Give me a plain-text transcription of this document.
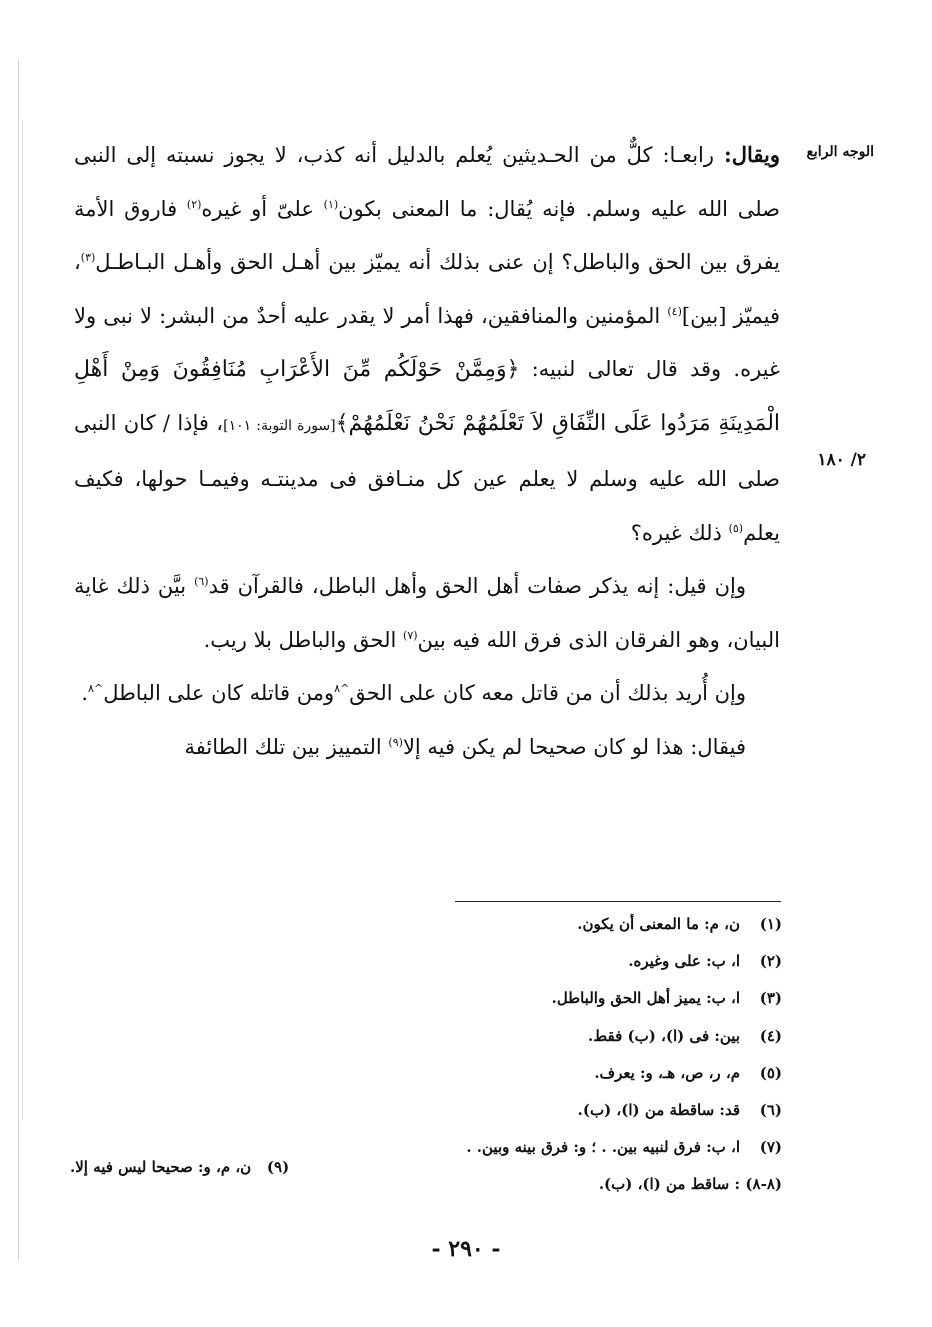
الوجه الرابع
٢/ ١٨٠

ويقال: رابعـا: كلٌّ من الحـديثين يُعلم بالدليل أنه كذب، لا يجوز نسبته إلى النبى صلى الله عليه وسلم. فإنه يُقال: ما المعنى بكون$^{(١)}$ علىّ أو غيره$^{(٢)}$ فاروق الأمة يفرق بين الحق والباطل؟ إن عنى بذلك أنه يميّز بين أهـل الحق وأهـل البـاطـل$^{(٣)}$، فيميّز [بين]$^{(٤)}$ المؤمنين والمنافقين، فهذا أمر لا يقدر عليه أحدٌ من البشر: لا نبى ولا غيره. وقد قال تعالى لنبيه: ﴿وَمِمَّنْ حَوْلَكُم مِّنَ الأَعْرَابِ مُنَافِقُونَ وَمِنْ أَهْلِ الْمَدِينَةِ مَرَدُوا عَلَى النِّفَاقِ لاَ تَعْلَمُهُمْ نَحْنُ نَعْلَمُهُمْ﴾[سورة التوبة: ١٠١]، فإذا / كان النبى صلى الله عليه وسلم لا يعلم عين كل منـافق فى مدينتـه وفيمـا حولها، فكيف يعلم$^{(٥)}$ ذلك غيره؟

وإن قيل: إنه يذكر صفات أهل الحق وأهل الباطل، فالقرآن قد$^{(٦)}$ بيَّن ذلك غاية البيان، وهو الفرقان الذى فرق الله فيه بين$^{(٧)}$ الحق والباطل بلا ريب.

وإن أُريد بذلك أن من قاتل معه كان على الحق$^{\^{}٨}$ومن قاتله كان على الباطل$^{\^{}٨}$.

فيقال: هذا لو كان صحيحا لم يكن فيه إلا$^{(٩)}$ التمييز بين تلك الطائفة

(١)
ن، م: ما المعنى أن يكون.
(٢)
ا، ب: على وغيره.
(٣)
ا، ب: يميز أهل الحق والباطل.
(٤)
بين: فى (ا)، (ب) فقط.
(٥)
م، ر، ص، هـ، و: يعرف.
(٦)
قد: ساقطة من (ا)، (ب).
(٧)
ا، ب: فرق لنبيه بين. . ؛ و: فرق بينه وبين. .
(٨-٨)
: ساقط من (ا)، (ب).
(٩)
ن، م، و: صحيحا ليس فيه إلا.
- ٢٩٠ -
